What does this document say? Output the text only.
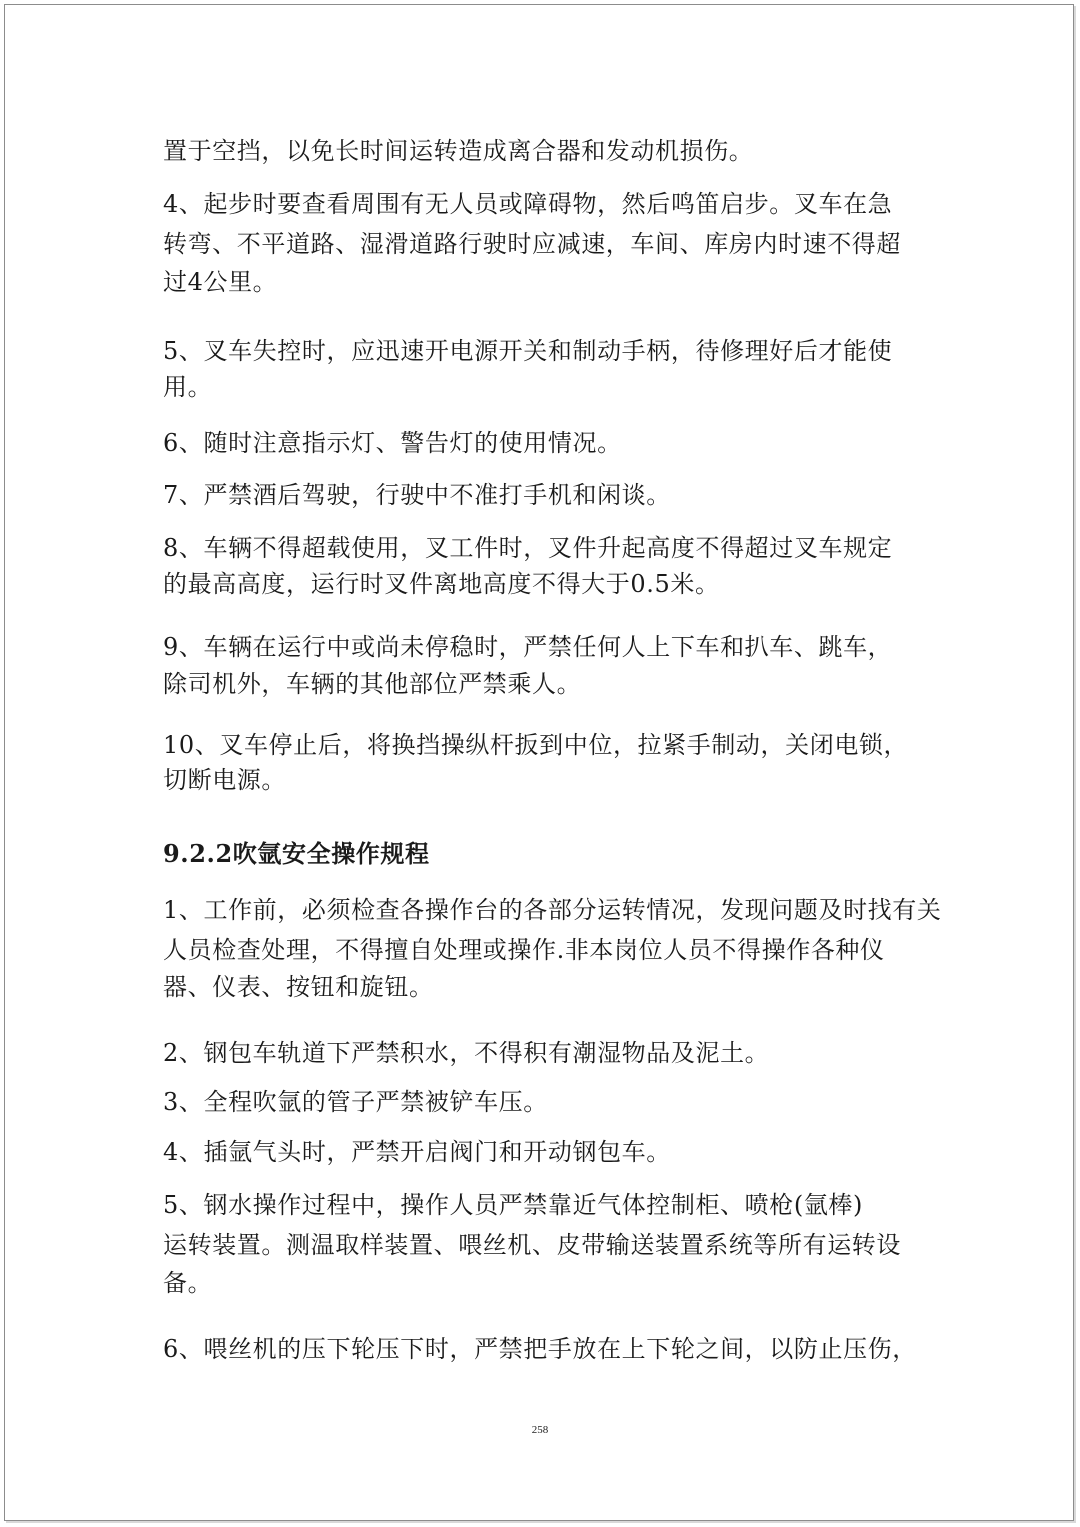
置于空挡，以免长时间运转造成离合器和发动机损伤。
4、起步时要查看周围有无人员或障碍物，然后鸣笛启步。叉车在急
转弯、不平道路、湿滑道路行驶时应减速，车间、库房内时速不得超
过4公里。
5、叉车失控时，应迅速开电源开关和制动手柄，待修理好后才能使
用。
6、随时注意指示灯、警告灯的使用情况。
7、严禁酒后驾驶，行驶中不准打手机和闲谈。
8、车辆不得超载使用，叉工件时，叉件升起高度不得超过叉车规定
的最高高度，运行时叉件离地高度不得大于0.5米。
9、车辆在运行中或尚未停稳时，严禁任何人上下车和扒车、跳车，
除司机外，车辆的其他部位严禁乘人。
10、叉车停止后，将换挡操纵杆扳到中位，拉紧手制动，关闭电锁，
切断电源。
9.2.2吹氩安全操作规程
1、工作前，必须检查各操作台的各部分运转情况，发现问题及时找有关
人员检查处理，不得擅自处理或操作.非本岗位人员不得操作各种仪
器、仪表、按钮和旋钮。
2、钢包车轨道下严禁积水，不得积有潮湿物品及泥土。
3、全程吹氩的管子严禁被铲车压。
4、插氩气头时，严禁开启阀门和开动钢包车。
5、钢水操作过程中，操作人员严禁靠近气体控制柜、喷枪(氩棒)
运转装置。测温取样装置、喂丝机、皮带输送装置系统等所有运转设
备。
6、喂丝机的压下轮压下时，严禁把手放在上下轮之间，以防止压伤，
258
